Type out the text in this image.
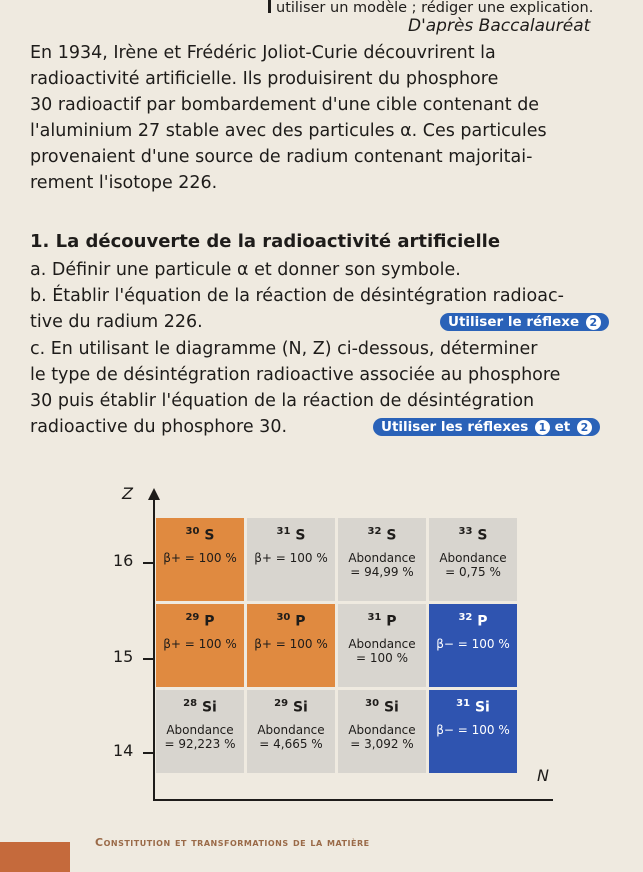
utiliser un modèle ; rédiger une explication.
D'après Baccalauréat
En 1934, Irène et Frédéric Joliot-Curie découvrirent la
radioactivité artificielle. Ils produisirent du phosphore
30 radioactif par bombardement d'une cible contenant de
l'aluminium 27 stable avec des particules α. Ces particules
provenaient d'une source de radium contenant majoritai-
rement l'isotope 226.
1. La découverte de la radioactivité artificielle
a. Définir une particule α et donner son symbole.
b. Établir l'équation de la réaction de désintégration radioac-
tive du radium 226.	Utiliser le réflexe 2
c. En utilisant le diagramme (N, Z) ci-dessous, déterminer
le type de désintégration radioactive associée au phosphore
30 puis établir l'équation de la réaction de désintégration
radioactive du phosphore 30.	Utiliser les réflexes 1 et 2
Z
N
16
15
14
$^{30}$ S
β+ = 100 %
$^{31}$ S
β+ = 100 %
$^{32}$ S
Abondance
= 94,99 %
$^{33}$ S
Abondance
= 0,75 %
$^{29}$ P
β+ = 100 %
$^{30}$ P
β+ = 100 %
$^{31}$ P
Abondance
= 100 %
$^{32}$ P
β− = 100 %
$^{28}$ Si
Abondance
= 92,223 %
$^{29}$ Si
Abondance
= 4,665 %
$^{30}$ Si
Abondance
= 3,092 %
$^{31}$ Si
β− = 100 %
Constitution et transformations de la matière
